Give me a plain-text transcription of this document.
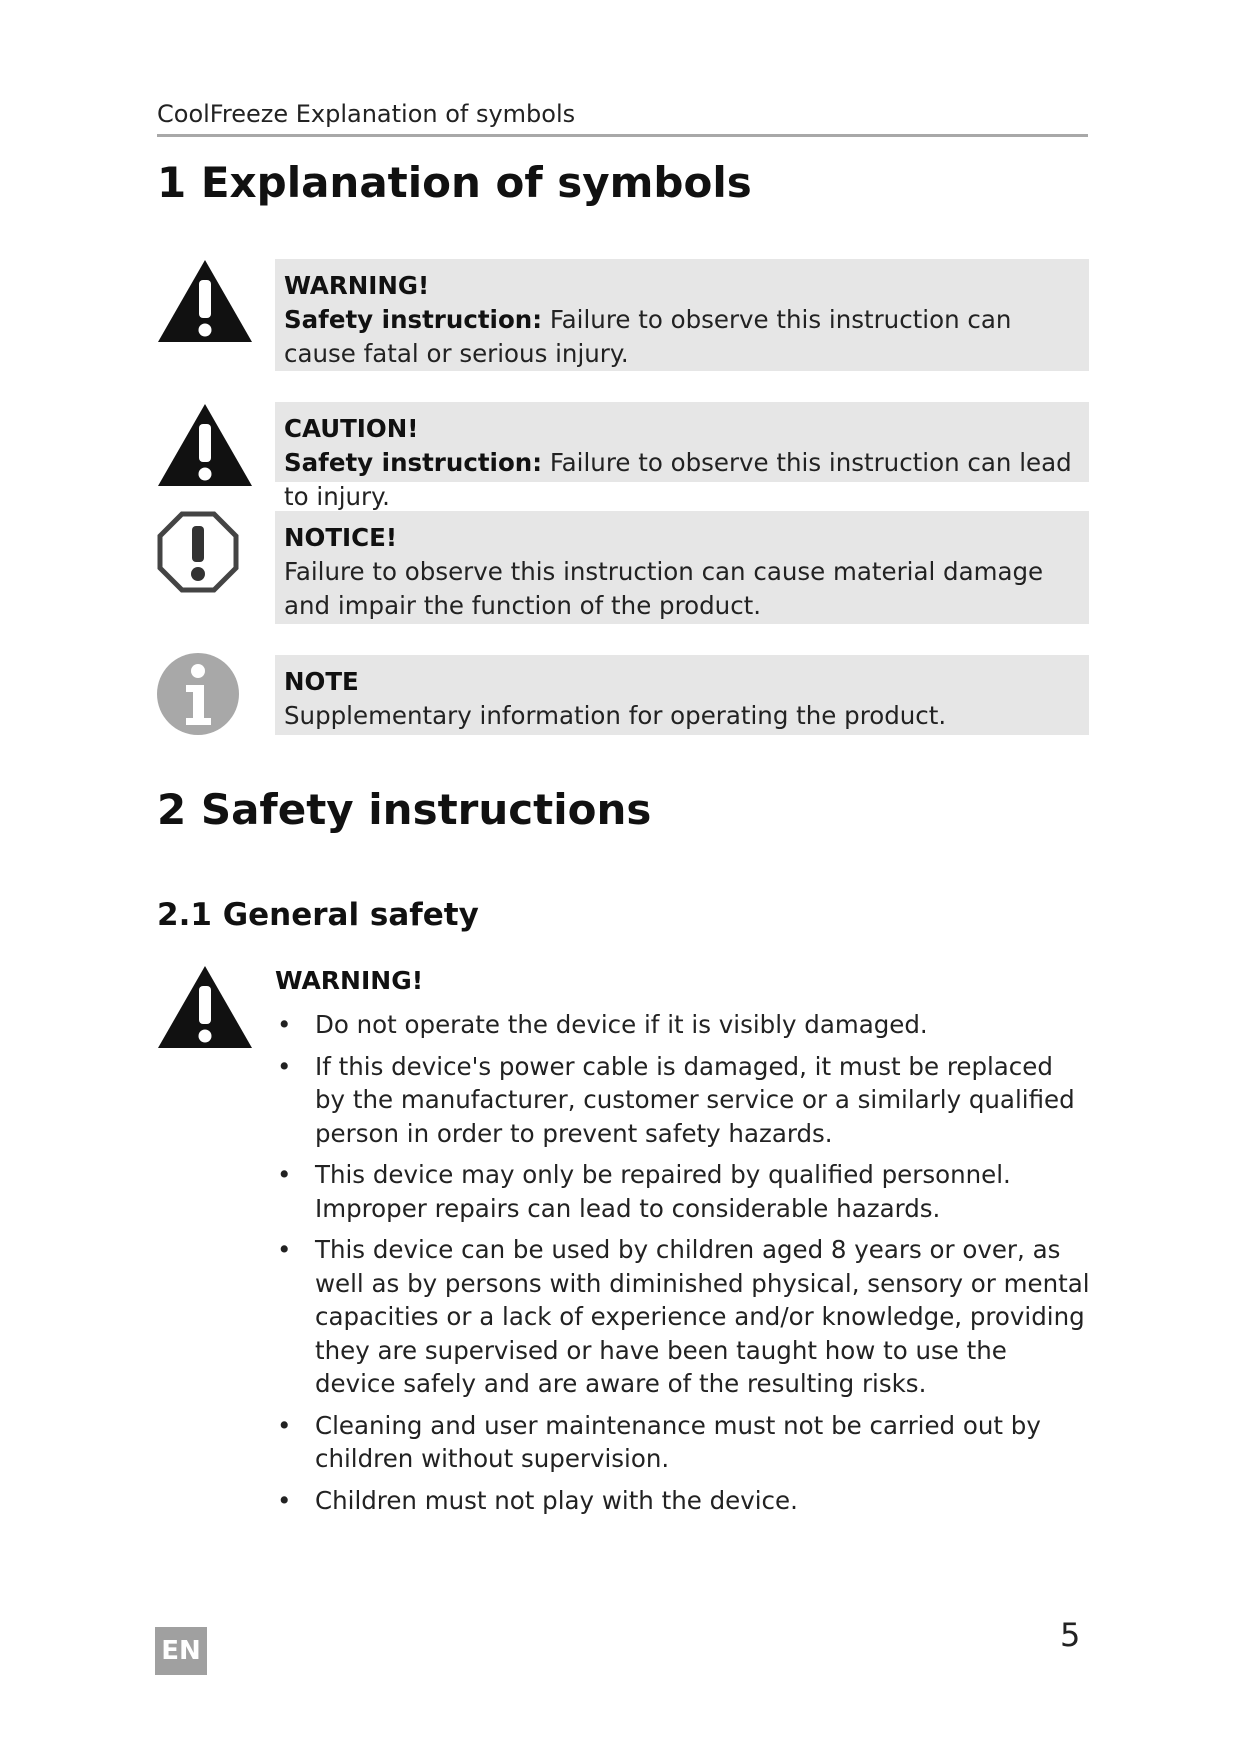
CoolFreeze Explanation of symbols
1 Explanation of symbols
WARNING!
Safety instruction: Failure to observe this instruction can cause fatal or serious injury.
CAUTION!
Safety instruction: Failure to observe this instruction can lead to injury.
NOTICE!
Failure to observe this instruction can cause material damage and impair the function of the product.
NOTE
Supplementary information for operating the product.
2 Safety instructions
2.1 General safety
WARNING!
• Do not operate the device if it is visibly damaged.
• If this device's power cable is damaged, it must be replaced by the manufacturer, customer service or a similarly qualified person in order to prevent safety hazards.
• This device may only be repaired by qualified personnel. Improper repairs can lead to considerable hazards.
• This device can be used by children aged 8 years or over, as well as by persons with diminished physical, sensory or mental capacities or a lack of experience and/or knowledge, providing they are supervised or have been taught how to use the device safely and are aware of the resulting risks.
• Cleaning and user maintenance must not be carried out by children without supervision.
• Children must not play with the device.
EN	5
